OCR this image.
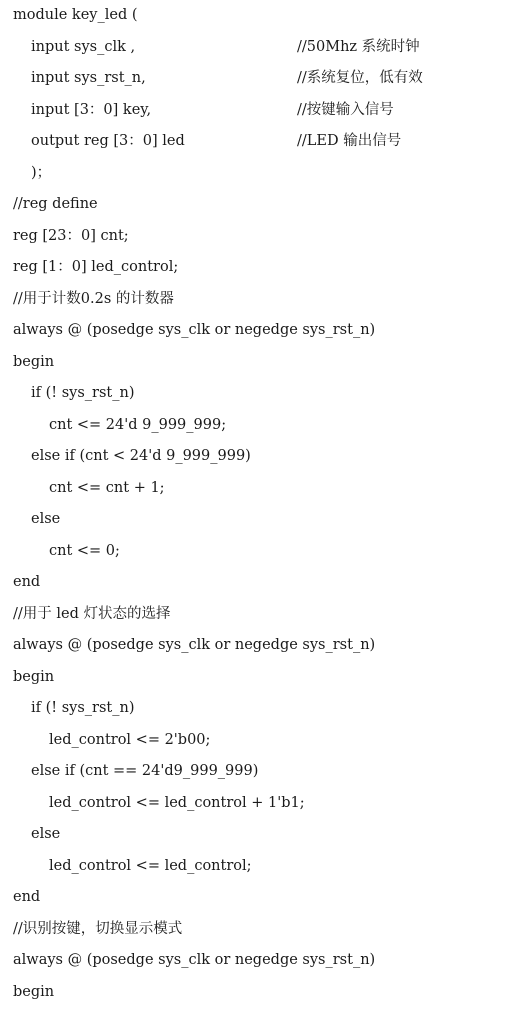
module key_led (
input sys_clk ,	//50Mhz 系统时钟
input sys_rst_n,	//系统复位，低有效
input [3：0] key,	//按键输入信号
output reg [3：0] led	//LED 输出信号
)；
//reg define
reg [23：0] cnt;
reg [1：0] led_control;
//用于计数0.2s 的计数器
always @ (posedge sys_clk or negedge sys_rst_n)
begin
if (! sys_rst_n)
cnt <= 24'd 9_999_999;
else if (cnt < 24'd 9_999_999)
cnt <= cnt + 1;
else
cnt <= 0;
end
//用于 led 灯状态的选择
always @ (posedge sys_clk or negedge sys_rst_n)
begin
if (! sys_rst_n)
led_control <= 2'b00;
else if (cnt == 24'd9_999_999)
led_control <= led_control + 1'b1;
else
led_control <= led_control;
end
//识别按键，切换显示模式
always @ (posedge sys_clk or negedge sys_rst_n)
begin
